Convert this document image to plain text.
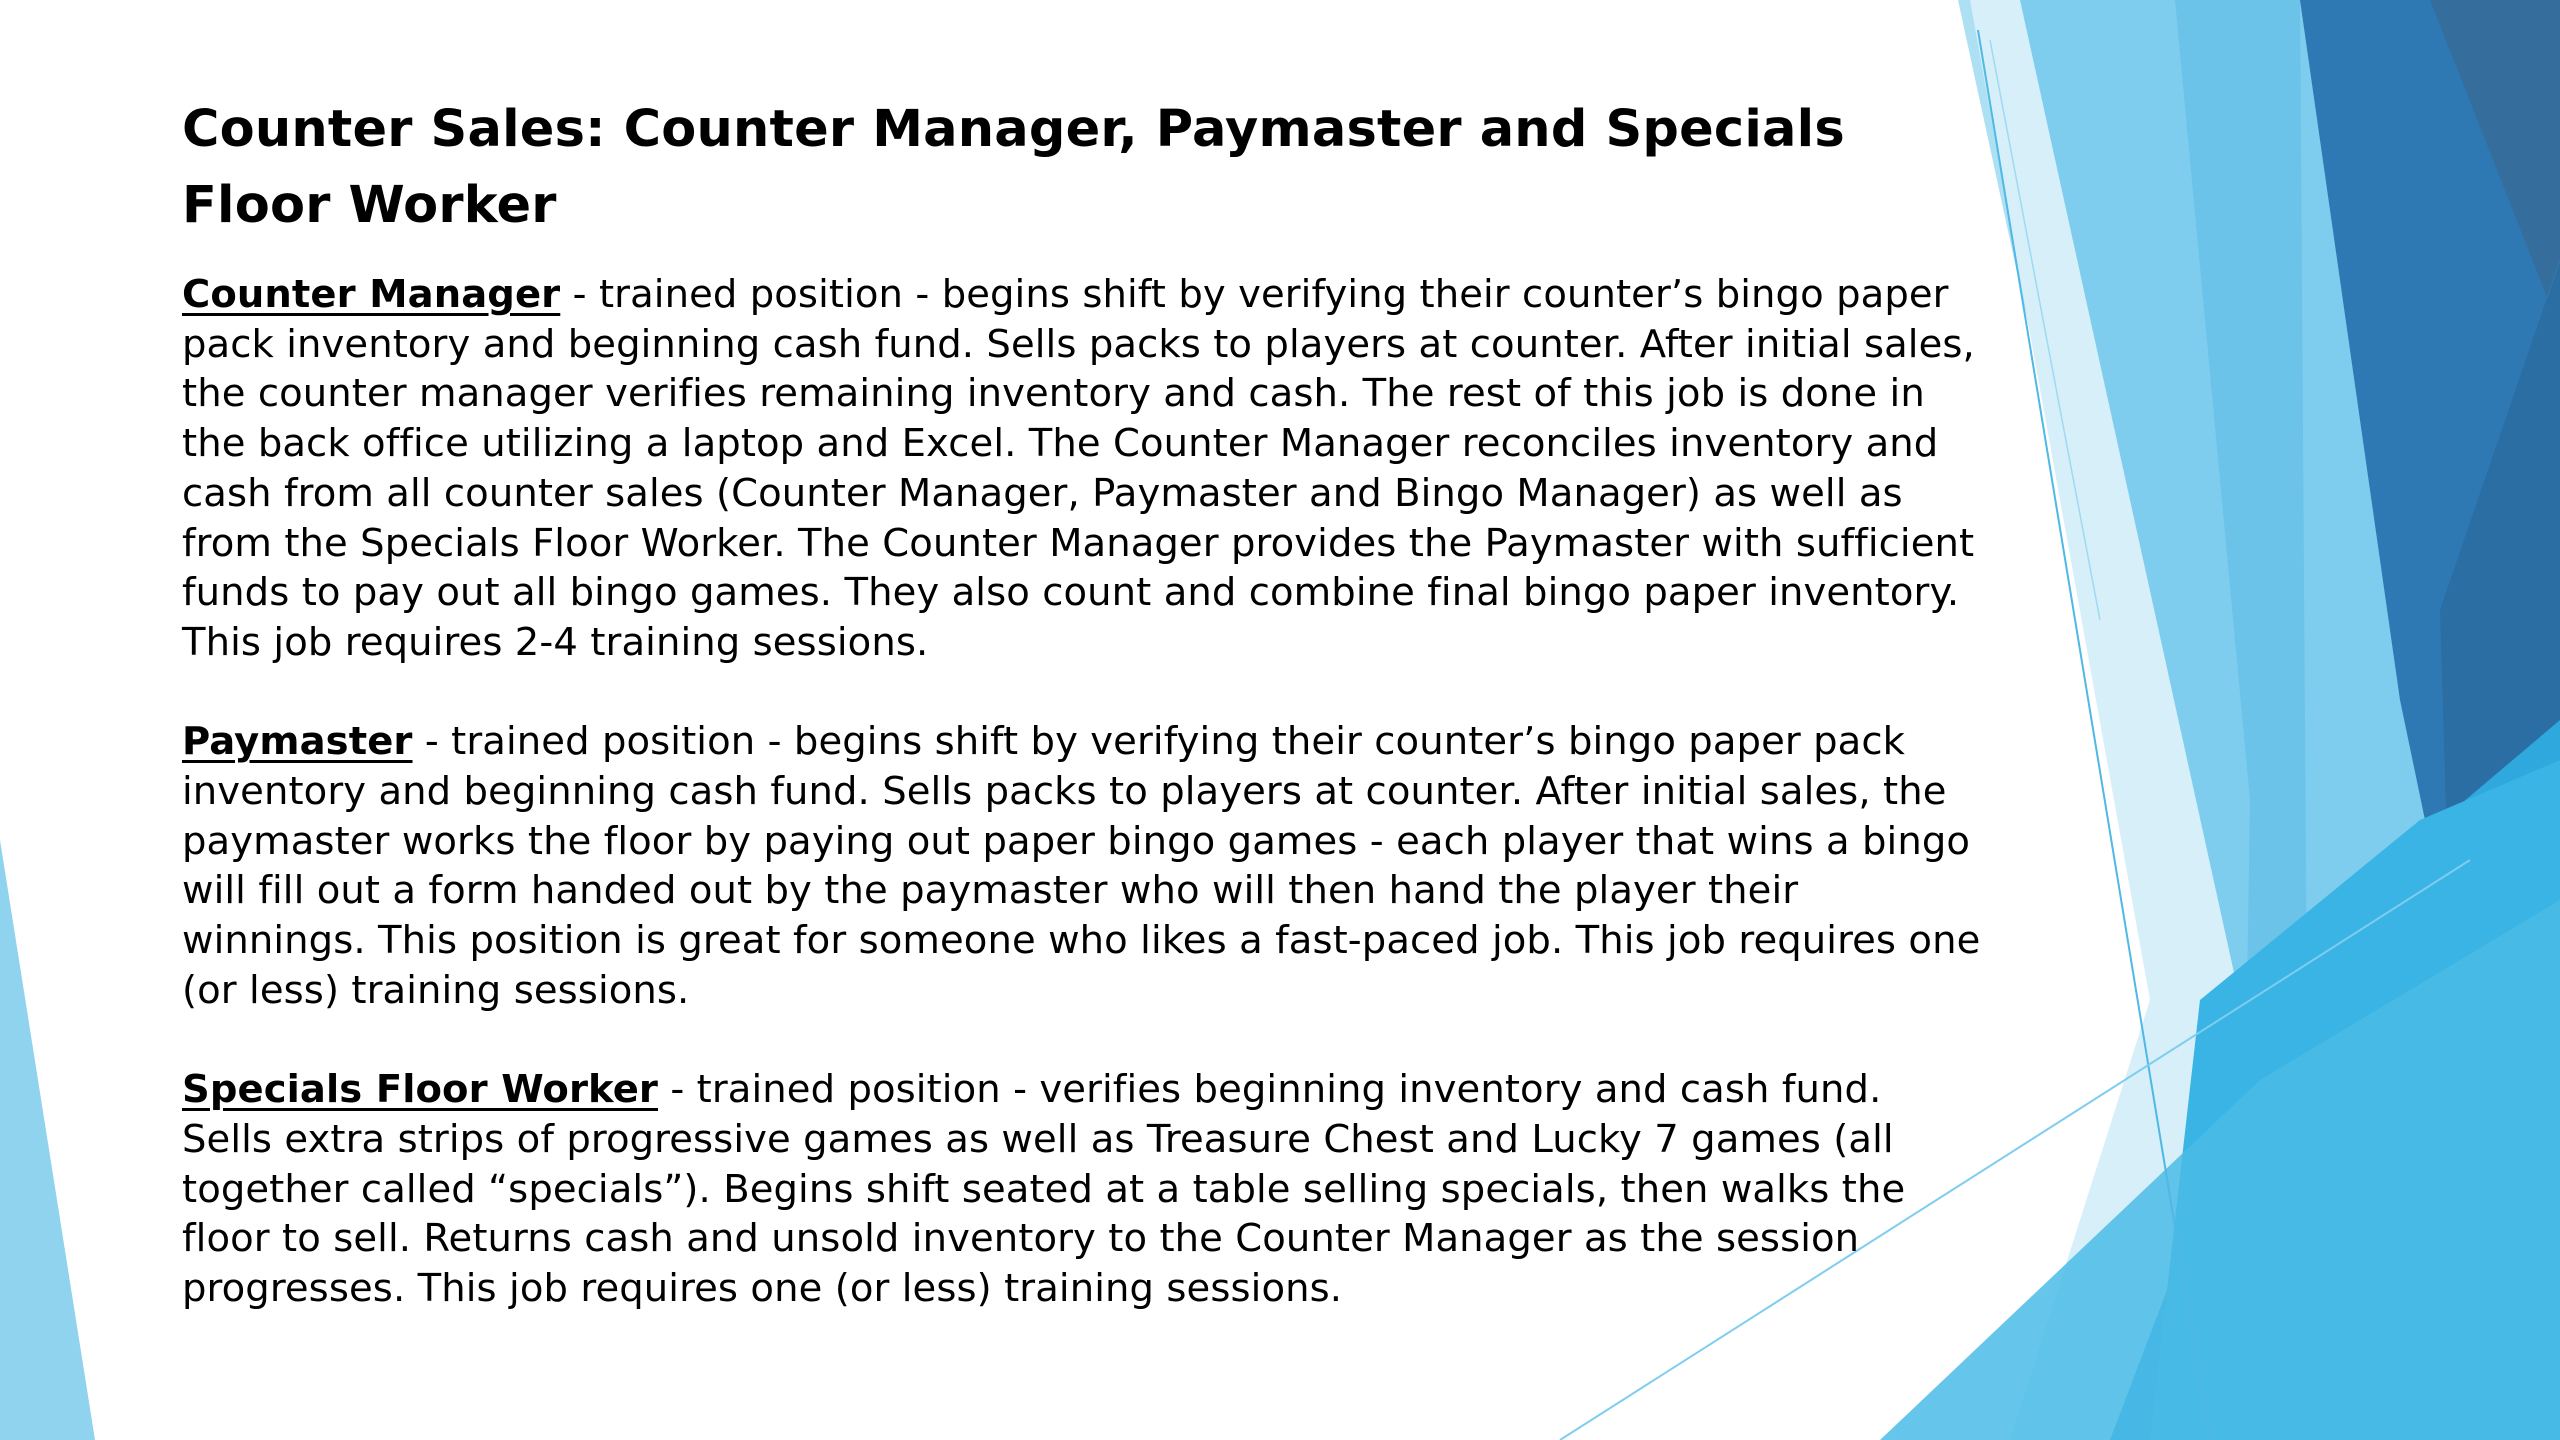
Counter Sales: Counter Manager, Paymaster and Specials Floor Worker

Counter Manager - trained position - begins shift by verifying their counter’s bingo paper pack inventory and beginning cash fund. Sells packs to players at counter. After initial sales, the counter manager verifies remaining inventory and cash. The rest of this job is done in the back office utilizing a laptop and Excel. The Counter Manager reconciles inventory and cash from all counter sales (Counter Manager, Paymaster and Bingo Manager) as well as from the Specials Floor Worker. The Counter Manager provides the Paymaster with sufficient funds to pay out all bingo games. They also count and combine final bingo paper inventory. This job requires 2-4 training sessions.

Paymaster - trained position - begins shift by verifying their counter’s bingo paper pack inventory and beginning cash fund. Sells packs to players at counter. After initial sales, the paymaster works the floor by paying out paper bingo games - each player that wins a bingo will fill out a form handed out by the paymaster who will then hand the player their winnings. This position is great for someone who likes a fast-paced job. This job requires one (or less) training sessions.

Specials Floor Worker - trained position - verifies beginning inventory and cash fund. Sells extra strips of progressive games as well as Treasure Chest and Lucky 7 games (all together called “specials”). Begins shift seated at a table selling specials, then walks the floor to sell. Returns cash and unsold inventory to the Counter Manager as the session progresses. This job requires one (or less) training sessions.
